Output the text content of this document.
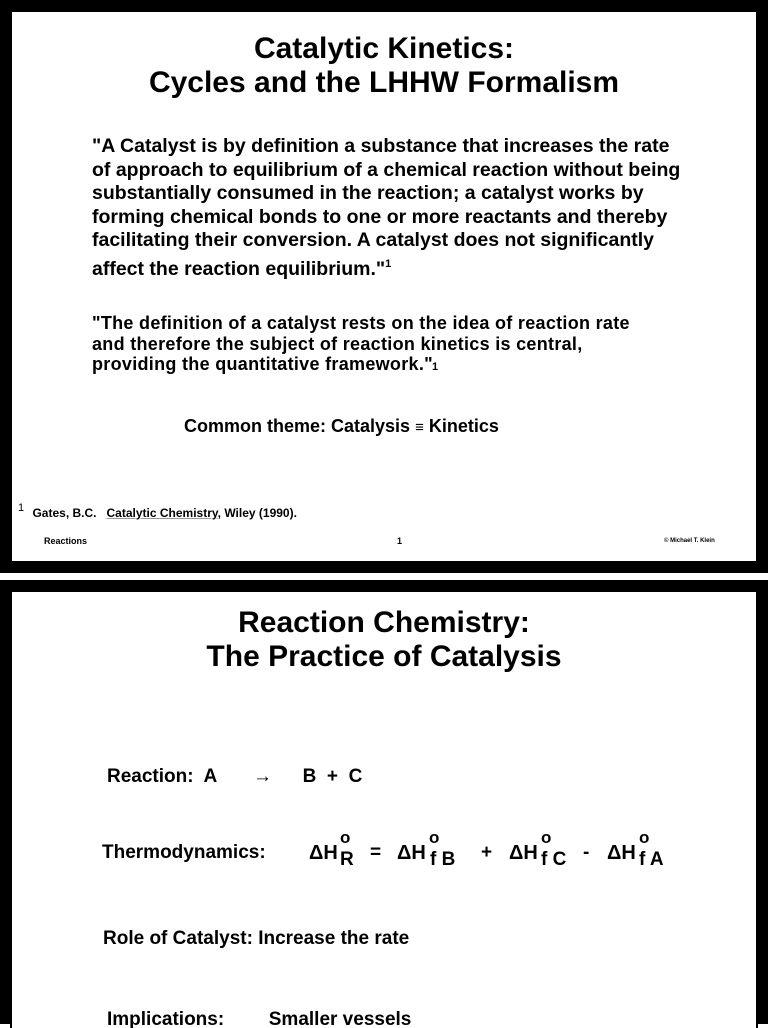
Catalytic Kinetics:
Cycles and the LHHW Formalism
"A Catalyst is by definition a substance that increases the rate
of approach to equilibrium of a chemical reaction without being
substantially consumed in the reaction; a catalyst works by
forming chemical bonds to one or more reactants and thereby
facilitating their conversion. A catalyst does not significantly
affect the reaction equilibrium."$^1$
"The definition of a catalyst rests on the idea of reaction rate
and therefore the subject of reaction kinetics is central,
providing the quantitative framework." 1
Common theme: Catalysis ≡ Kinetics
1 Gates, B.C. Catalytic Chemistry, Wiley (1990).
Reactions	1	© Michael T. Klein
Reaction Chemistry:
The Practice of Catalysis
Reaction: A → B + C
Thermodynamics: ΔH
o
R = ΔH
o
f B + ΔH
o
f C - ΔH
o
f A
Role of Catalyst: Increase the rate
Implications: Smaller vessels
